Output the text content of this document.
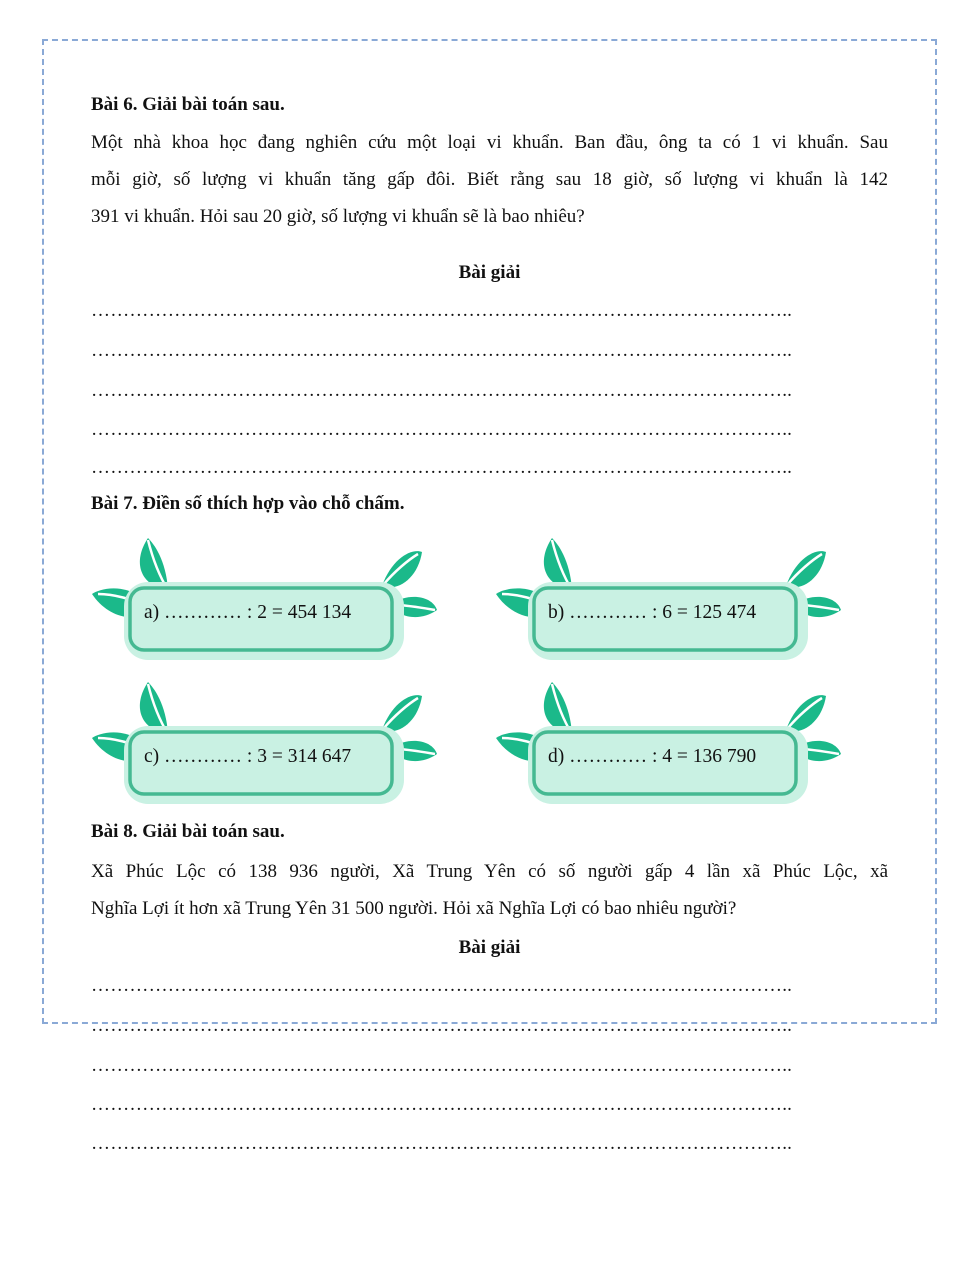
Bài 6. Giải bài toán sau.
Một nhà khoa học đang nghiên cứu một loại vi khuẩn. Ban đầu, ông ta có 1 vi khuẩn. Sau
mỗi giờ, số lượng vi khuẩn tăng gấp đôi. Biết rằng sau 18 giờ, số lượng vi khuẩn là 142
391 vi khuẩn. Hỏi sau 20 giờ, số lượng vi khuẩn sẽ là bao nhiêu?
Bài giải
………………………………………………………………………………………………..
………………………………………………………………………………………………..
………………………………………………………………………………………………..
………………………………………………………………………………………………..
………………………………………………………………………………………………..
Bài 7. Điền số thích hợp vào chỗ chấm.
a) ………… : 2 = 454 134	b) ………… : 6 = 125 474
c) ………… : 3 = 314 647	d) ………… : 4 = 136 790
Bài 8. Giải bài toán sau.
Xã Phúc Lộc có 138 936 người, Xã Trung Yên có số người gấp 4 lần xã Phúc Lộc, xã
Nghĩa Lợi ít hơn xã Trung Yên 31 500 người. Hỏi xã Nghĩa Lợi có bao nhiêu người?
Bài giải
………………………………………………………………………………………………..
………………………………………………………………………………………………..
………………………………………………………………………………………………..
………………………………………………………………………………………………..
………………………………………………………………………………………………..
